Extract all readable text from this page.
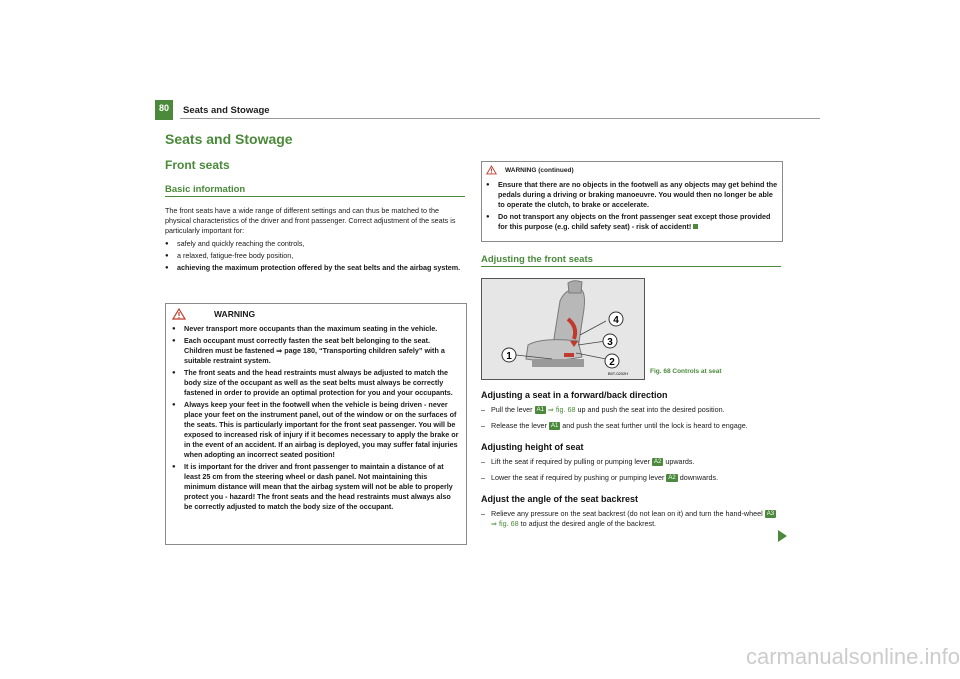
80	Seats and Stowage
Seats and Stowage
Front seats
Basic information

The front seats have a wide range of different settings and can thus be matched to the physical characteristics of the driver and front passenger. Correct adjustment of the seats is particularly important for:

● safely and quickly reaching the controls,
● a relaxed, fatigue-free body position,
● achieving the maximum protection offered by the seat belts and the airbag system.
WARNING
● Never transport more occupants than the maximum seating in the vehicle.
● Each occupant must correctly fasten the seat belt belonging to the seat. Children must be fastened ⇒ page 180, “Transporting children safely” with a suitable restraint system.
● The front seats and the head restraints must always be adjusted to match the body size of the occupant as well as the seat belts must always be correctly fastened in order to provide an optimal protection for you and your occupants.
● Always keep your feet in the footwell when the vehicle is being driven - never place your feet on the instrument panel, out of the window or on the surfaces of the seats. This is particularly important for the front seat passenger. You will be exposed to increased risk of injury if it becomes necessary to apply the brake or in the event of an accident. If an airbag is deployed, you may suffer fatal injuries when adopting an incorrect seated position!
● It is important for the driver and front passenger to maintain a distance of at least 25 cm from the steering wheel or dash panel. Not maintaining this minimum distance will mean that the airbag system will not be able to properly protect you - hazard! The front seats and the head restraints must always also be correctly adjusted to match the body size of the occupant.
WARNING (continued)
● Ensure that there are no objects in the footwell as any objects may get behind the pedals during a driving or braking manoeuvre. You would then no longer be able to operate the clutch, to brake or accelerate.
● Do not transport any objects on the front passenger seat except those provided for this purpose (e.g. child safety seat) - risk of accident!
Adjusting the front seats
1
4
3
2
B5T-0202H	Fig. 68 Controls at seat
Adjusting a seat in a forward/back direction
– Pull the lever A1 ⇒ fig. 68 up and push the seat into the desired position.
– Release the lever A1 and push the seat further until the lock is heard to engage.
Adjusting height of seat
– Lift the seat if required by pulling or pumping lever A2 upwards.
– Lower the seat if required by pushing or pumping lever A2 downwards.
Adjust the angle of the seat backrest
– Relieve any pressure on the seat backrest (do not lean on it) and turn the hand-wheel A3 ⇒ fig. 68 to adjust the desired angle of the backrest.
carmanualsonline.info
